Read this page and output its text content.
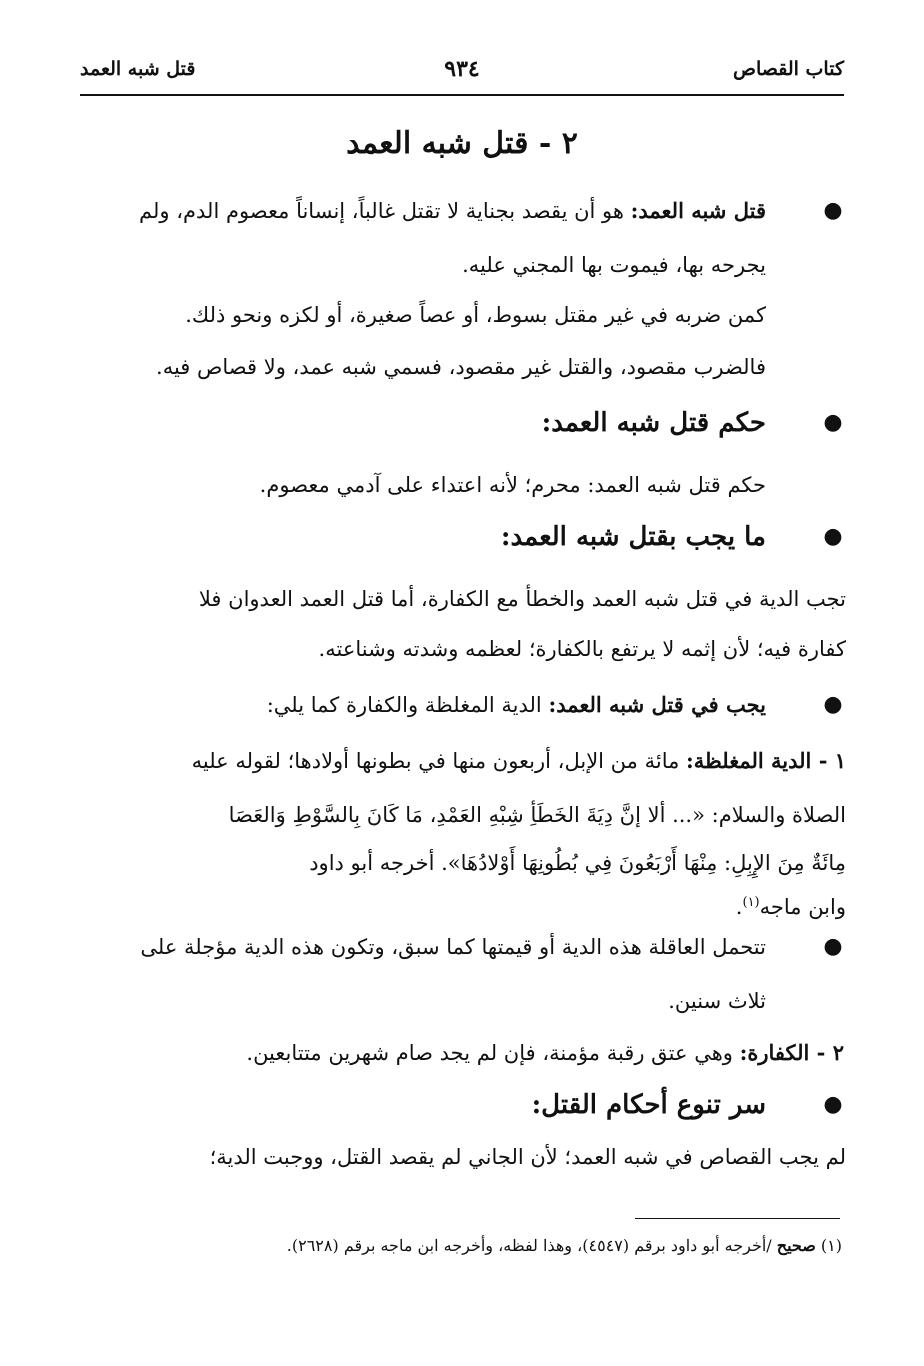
كتاب القصاص
٩٣٤
قتل شبه العمد
٢ - قتل شبه العمد
●
قتل شبه العمد: هو أن يقصد بجناية لا تقتل غالباً، إنساناً معصوم الدم، ولم
يجرحه بها، فيموت بها المجني عليه.
كمن ضربه في غير مقتل بسوط، أو عصاً صغيرة، أو لكزه ونحو ذلك.
فالضرب مقصود، والقتل غير مقصود، فسمي شبه عمد، ولا قصاص فيه.
●
حكم قتل شبه العمد:
حكم قتل شبه العمد: محرم؛ لأنه اعتداء على آدمي معصوم.
●
ما يجب بقتل شبه العمد:
تجب الدية في قتل شبه العمد والخطأ مع الكفارة، أما قتل العمد العدوان فلا
كفارة فيه؛ لأن إثمه لا يرتفع بالكفارة؛ لعظمه وشدته وشناعته.
●
يجب في قتل شبه العمد: الدية المغلظة والكفارة كما يلي:
١ - الدية المغلظة: مائة من الإبل، أربعون منها في بطونها أولادها؛ لقوله عليه
الصلاة والسلام: «... ألا إنَّ دِيَةَ الخَطَأِ شِبْهِ العَمْدِ، مَا كَانَ بِالسَّوْطِ وَالعَصَا
مِائَةٌ مِنَ الإِبِلِ: مِنْهَا أَرْبَعُونَ فِي بُطُونِهَا أَوْلادُهَا». أخرجه أبو داود
وابن ماجه$^{(١)}$.
●
تتحمل العاقلة هذه الدية أو قيمتها كما سبق، وتكون هذه الدية مؤجلة على
ثلاث سنين.
٢ - الكفارة: وهي عتق رقبة مؤمنة، فإن لم يجد صام شهرين متتابعين.
●
سر تنوع أحكام القتل:
لم يجب القصاص في شبه العمد؛ لأن الجاني لم يقصد القتل، ووجبت الدية؛
(١) صحيح /أخرجه أبو داود برقم (٤٥٤٧)، وهذا لفظه، وأخرجه ابن ماجه برقم (٢٦٢٨).
